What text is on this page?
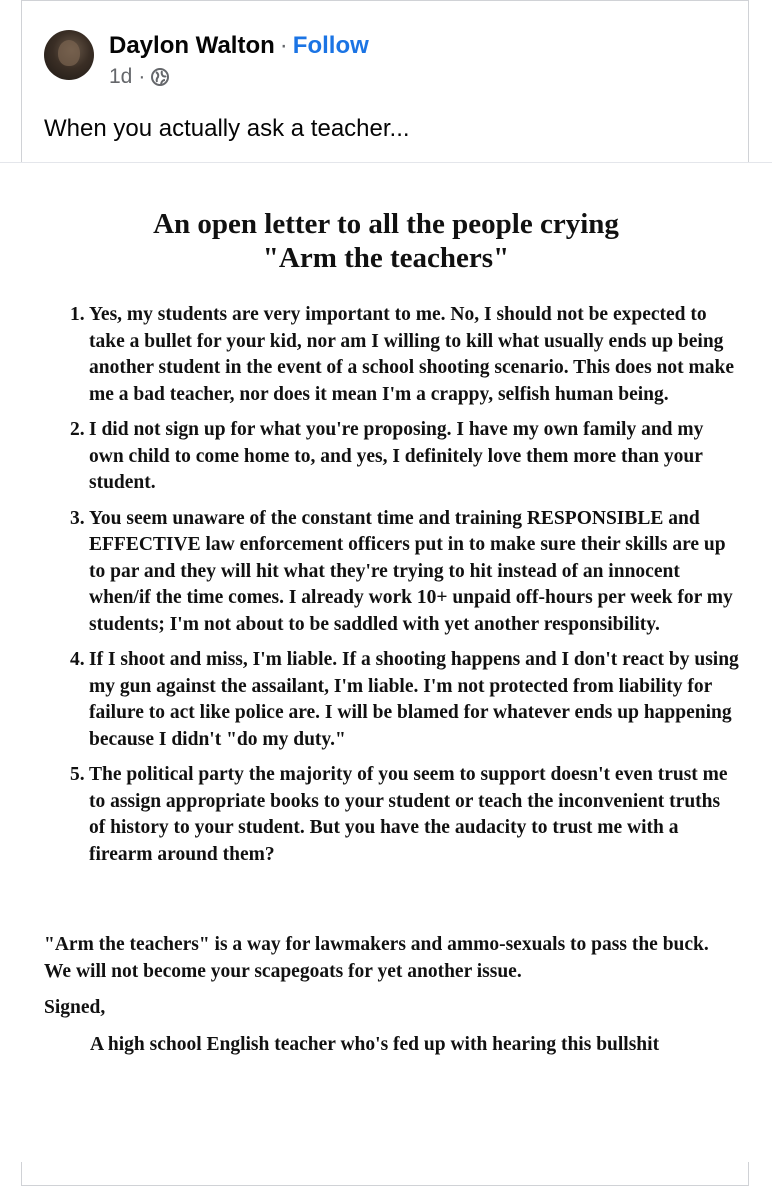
Daylon Walton · Follow
1d ·
When you actually ask a teacher...
An open letter to all the people crying
"Arm the teachers"
1. Yes, my students are very important to me. No, I should not be expected to take a bullet for your kid, nor am I willing to kill what usually ends up being another student in the event of a school shooting scenario. This does not make me a bad teacher, nor does it mean I'm a crappy, selfish human being.
2. I did not sign up for what you're proposing. I have my own family and my own child to come home to, and yes, I definitely love them more than your student.
3. You seem unaware of the constant time and training RESPONSIBLE and EFFECTIVE law enforcement officers put in to make sure their skills are up to par and they will hit what they're trying to hit instead of an innocent when/if the time comes. I already work 10+ unpaid off-hours per week for my students; I'm not about to be saddled with yet another responsibility.
4. If I shoot and miss, I'm liable. If a shooting happens and I don't react by using my gun against the assailant, I'm liable. I'm not protected from liability for failure to act like police are. I will be blamed for whatever ends up happening because I didn't "do my duty."
5. The political party the majority of you seem to support doesn't even trust me to assign appropriate books to your student or teach the inconvenient truths of history to your student. But you have the audacity to trust me with a firearm around them?
"Arm the teachers" is a way for lawmakers and ammo-sexuals to pass the buck. We will not become your scapegoats for yet another issue.
Signed,
A high school English teacher who's fed up with hearing this bullshit
